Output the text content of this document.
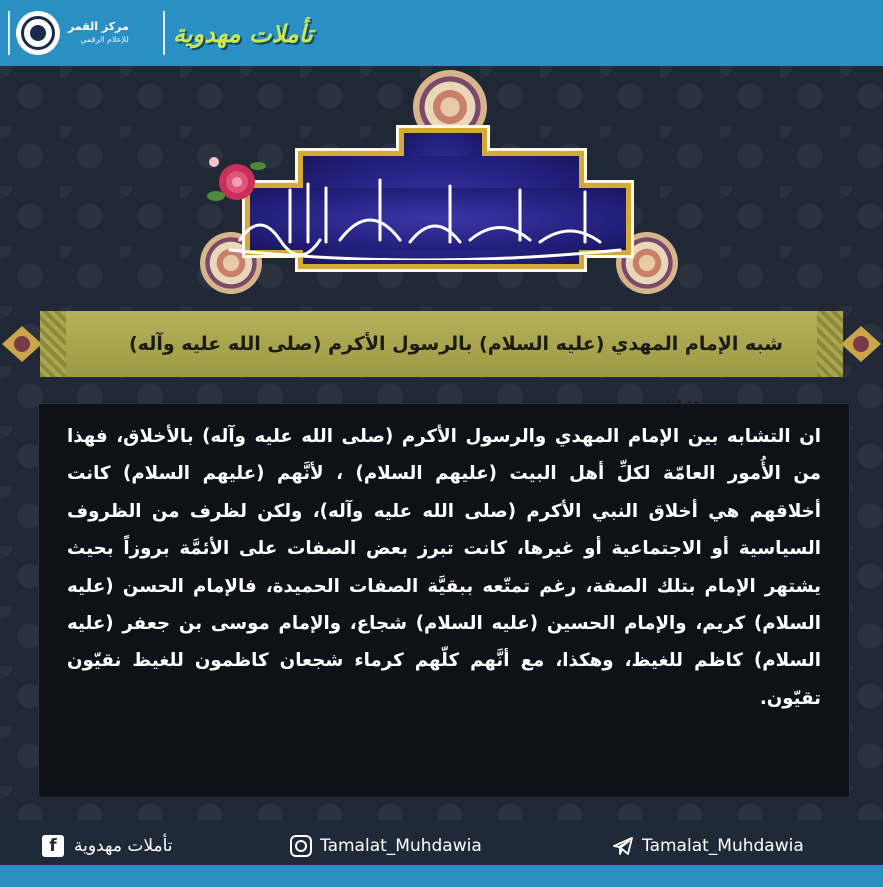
مركز القمر
للإعلام الرقمي تأملات مهدوية
شبه الإمام المهدي (عليه السلام) بالرسول الأكرم (صلى الله عليه وآله)
ان التشابه بين الإمام المهدي والرسول الأكرم (صلى الله عليه وآله) بالأخلاق، فهذا من الأُمور العامّة لكلِّ أهل البيت (عليهم السلام) ، لأنَّهم (عليهم السلام) كانت أخلاقهم هي أخلاق النبي الأكرم (صلى الله عليه وآله)، ولكن لظرف من الظروف السياسية أو الاجتماعية أو غيرها، كانت تبرز بعض الصفات على الأئمَّة بروزاً بحيث يشتهر الإمام بتلك الصفة، رغم تمتّعه ببقيَّة الصفات الحميدة، فالإمام الحسن (عليه السلام) كريم، والإمام الحسين (عليه السلام) شجاع، والإمام موسى بن جعفر (عليه السلام) كاظم للغيظ، وهكذا، مع أنَّهم كلّهم كرماء شجعان كاظمون للغيظ نقيّون تقيّون.
f	تأملات مهدوية	Tamalat_Muhdawia	Tamalat_Muhdawia
